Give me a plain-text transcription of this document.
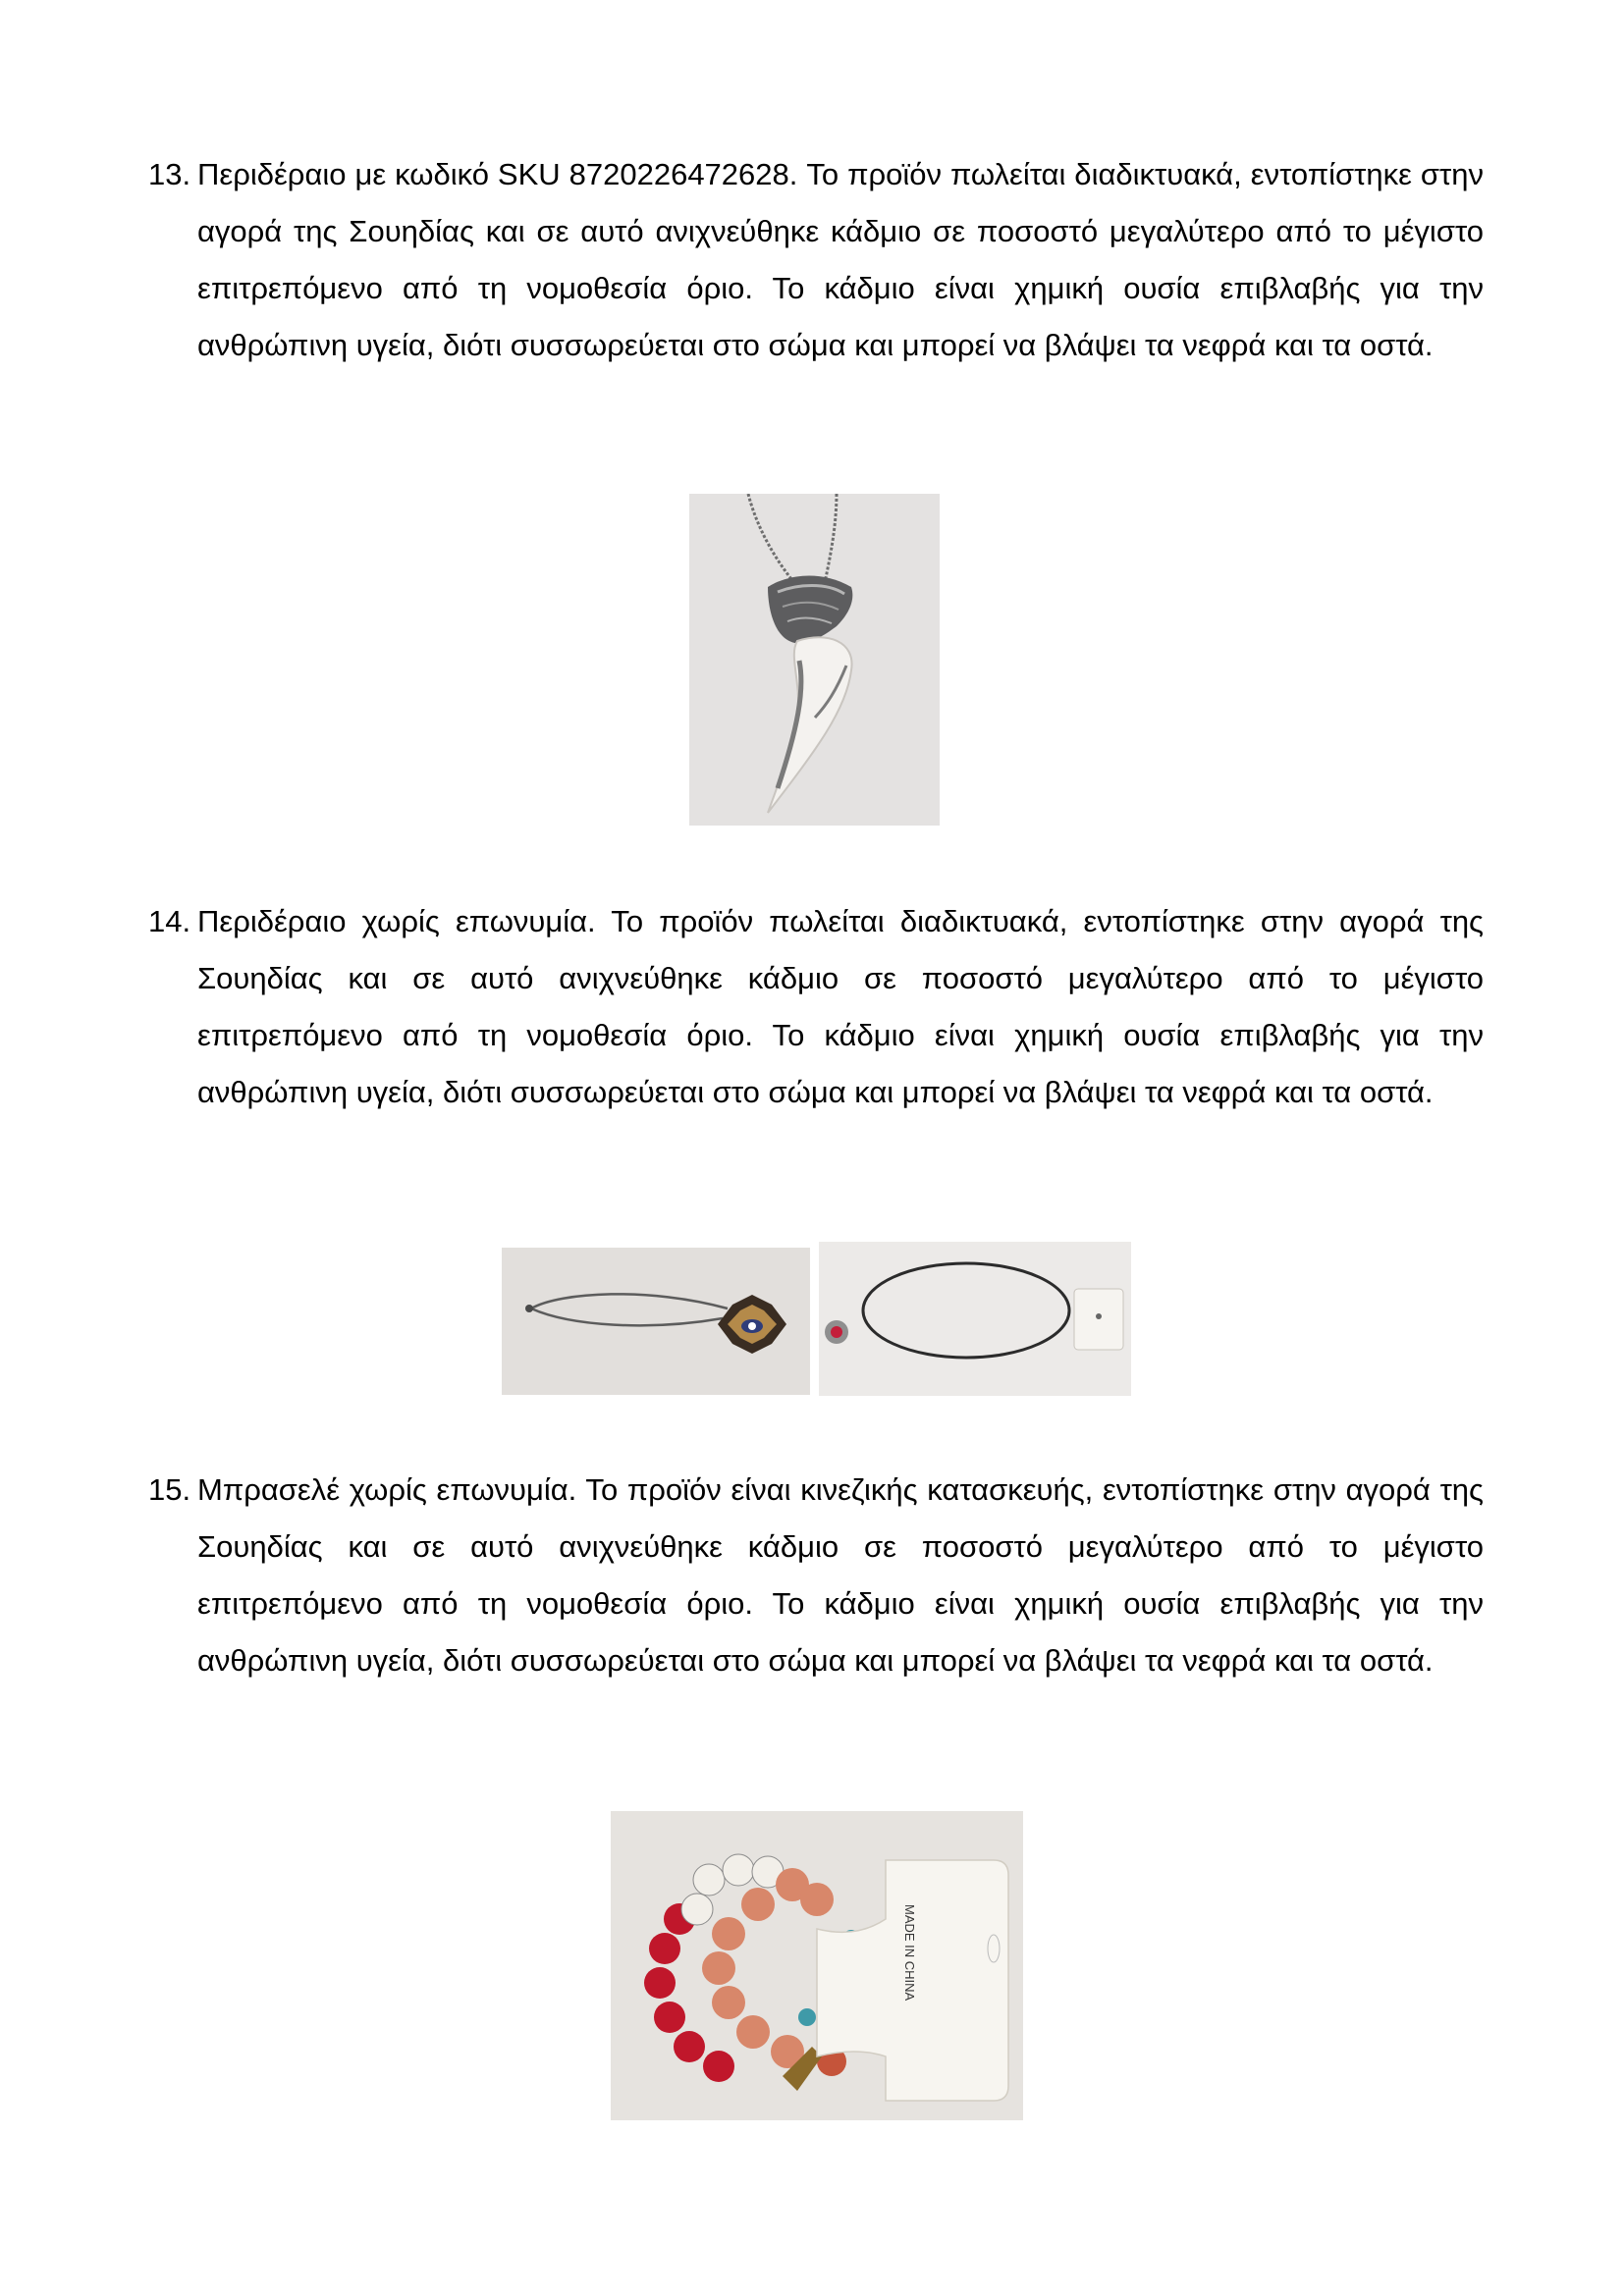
13. Περιδέραιο με κωδικό SKU 8720226472628. Το προϊόν πωλείται διαδικτυακά, εντοπίστηκε στην αγορά της Σουηδίας και σε αυτό ανιχνεύθηκε κάδμιο σε ποσοστό μεγαλύτερο από το μέγιστο επιτρεπόμενο από τη νομοθεσία όριο. Το κάδμιο είναι χημική ουσία επιβλαβής για την ανθρώπινη υγεία, διότι συσσωρεύεται στο σώμα και μπορεί να βλάψει τα νεφρά και τα οστά.

14. Περιδέραιο χωρίς επωνυμία. Το προϊόν πωλείται διαδικτυακά, εντοπίστηκε στην αγορά της Σουηδίας και σε αυτό ανιχνεύθηκε κάδμιο σε ποσοστό μεγαλύτερο από το μέγιστο επιτρεπόμενο από τη νομοθεσία όριο. Το κάδμιο είναι χημική ουσία επιβλαβής για την ανθρώπινη υγεία, διότι συσσωρεύεται στο σώμα και μπορεί να βλάψει τα νεφρά και τα οστά.

15. Μπρασελέ χωρίς επωνυμία. Το προϊόν είναι κινεζικής κατασκευής, εντοπίστηκε στην αγορά της Σουηδίας και σε αυτό ανιχνεύθηκε κάδμιο σε ποσοστό μεγαλύτερο από το μέγιστο επιτρεπόμενο από τη νομοθεσία όριο. Το κάδμιο είναι χημική ουσία επιβλαβής για την ανθρώπινη υγεία, διότι συσσωρεύεται στο σώμα και μπορεί να βλάψει τα νεφρά και τα οστά.

MADE IN CHINA
